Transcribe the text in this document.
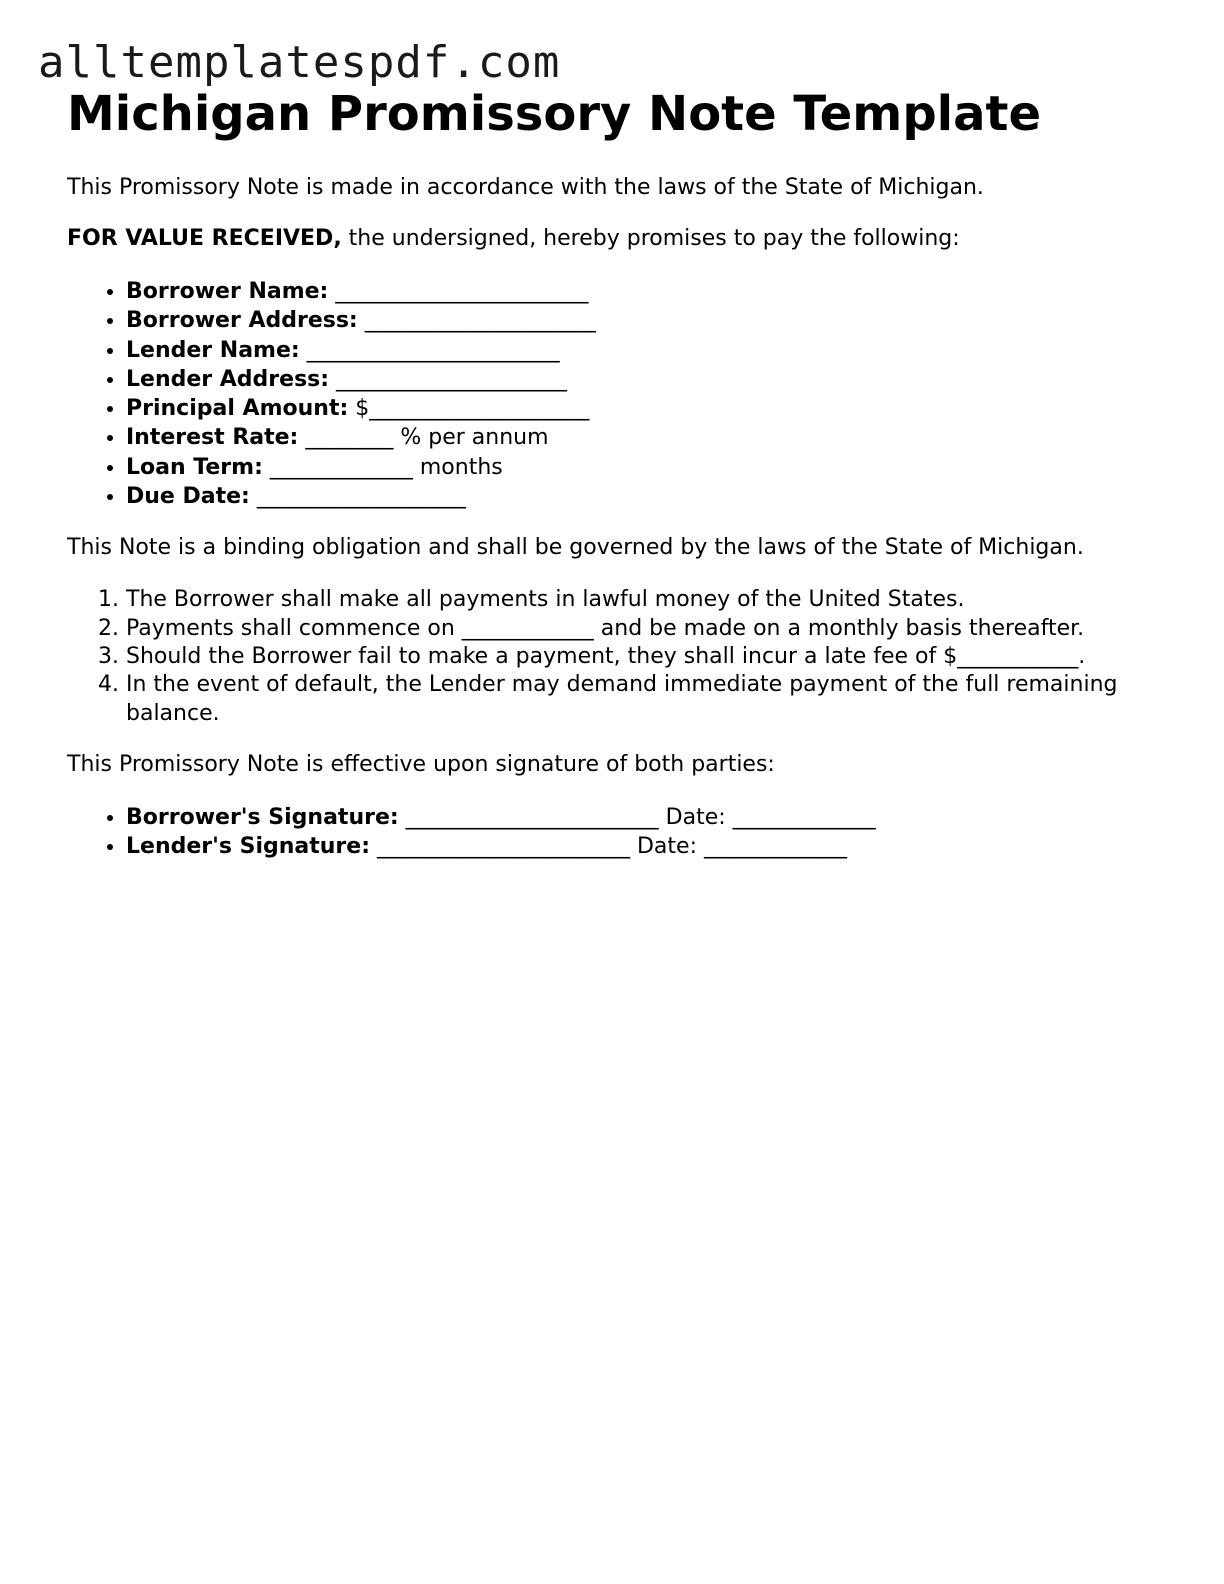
alltemplatespdf.com
Michigan Promissory Note Template

This Promissory Note is made in accordance with the laws of the State of Michigan.

FOR VALUE RECEIVED, the undersigned, hereby promises to pay the following:

• Borrower Name: _______________________
• Borrower Address: _____________________
• Lender Name: _______________________
• Lender Address: _____________________
• Principal Amount: $____________________
• Interest Rate: ________ % per annum
• Loan Term: _____________ months
• Due Date: ___________________

This Note is a binding obligation and shall be governed by the laws of the State of Michigan.

1. The Borrower shall make all payments in lawful money of the United States.
2. Payments shall commence on ____________ and be made on a monthly basis thereafter.
3. Should the Borrower fail to make a payment, they shall incur a late fee of $___________.
4. In the event of default, the Lender may demand immediate payment of the full remaining balance.

This Promissory Note is effective upon signature of both parties:

• Borrower's Signature: _______________________ Date: _____________
• Lender's Signature: _______________________ Date: _____________
